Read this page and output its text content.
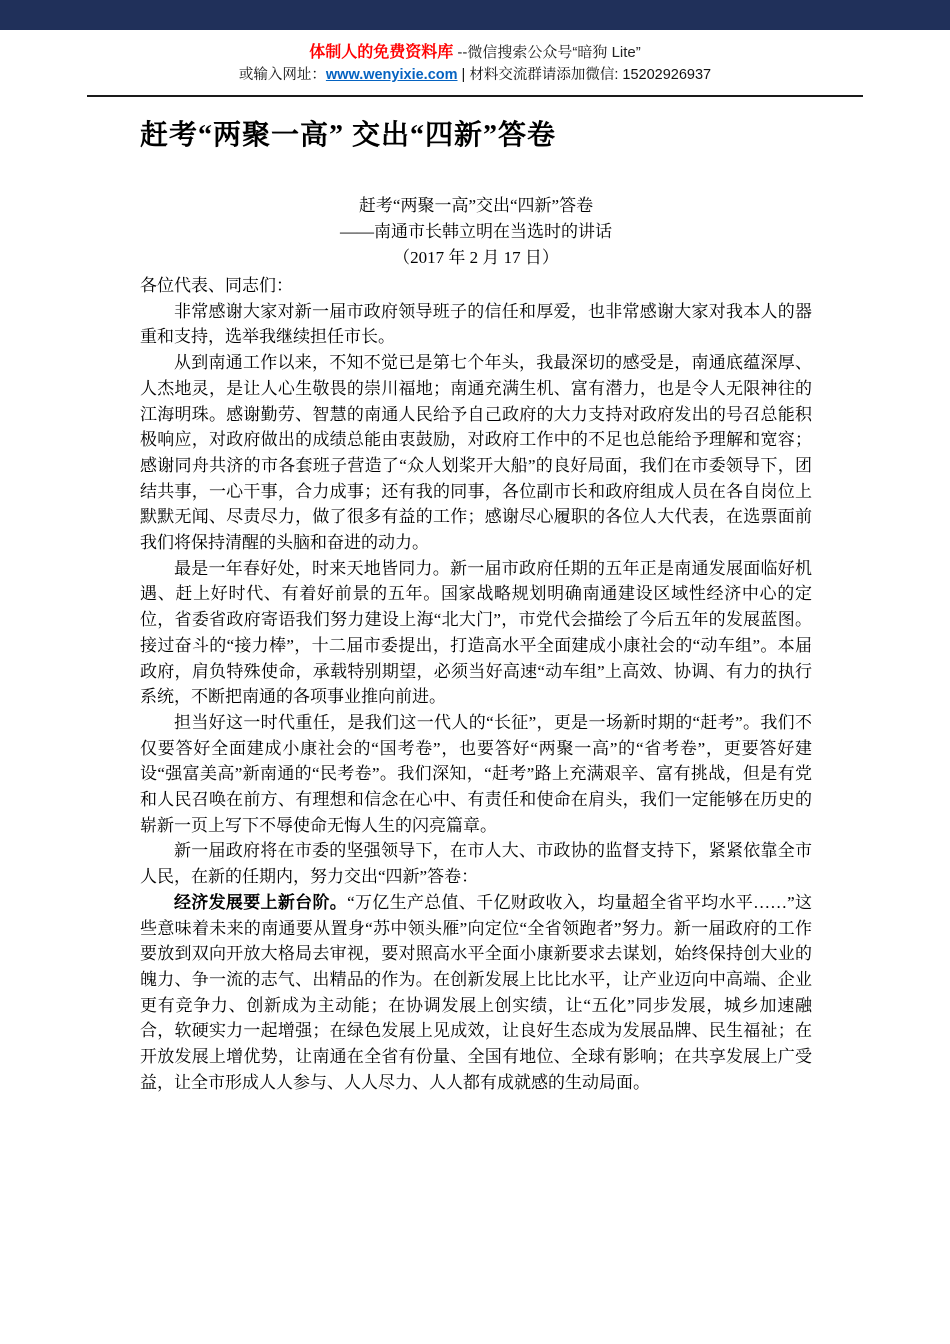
体制人的免费资料库 --微信搜索公众号“暗狗 Lite”
或输入网址：www.wenyixie.com | 材料交流群请添加微信: 15202926937
赶考“两聚一高” 交出“四新”答卷
赶考“两聚一高”交出“四新”答卷
——南通市长韩立明在当选时的讲话
（2017 年 2 月 17 日）

各位代表、同志们：

非常感谢大家对新一届市政府领导班子的信任和厚爱，也非常感谢大家对我本人的器重和支持，选举我继续担任市长。

从到南通工作以来，不知不觉已是第七个年头，我最深切的感受是，南通底蕴深厚、人杰地灵，是让人心生敬畏的崇川福地；南通充满生机、富有潜力，也是令人无限神往的江海明珠。感谢勤劳、智慧的南通人民给予自己政府的大力支持对政府发出的号召总能积极响应，对政府做出的成绩总能由衷鼓励，对政府工作中的不足也总能给予理解和宽容；感谢同舟共济的市各套班子营造了“众人划桨开大船”的良好局面，我们在市委领导下，团结共事，一心干事，合力成事；还有我的同事，各位副市长和政府组成人员在各自岗位上默默无闻、尽责尽力，做了很多有益的工作；感谢尽心履职的各位人大代表，在选票面前我们将保持清醒的头脑和奋进的动力。

最是一年春好处，时来天地皆同力。新一届市政府任期的五年正是南通发展面临好机遇、赶上好时代、有着好前景的五年。国家战略规划明确南通建设区域性经济中心的定位，省委省政府寄语我们努力建设上海“北大门”，市党代会描绘了今后五年的发展蓝图。接过奋斗的“接力棒”，十二届市委提出，打造高水平全面建成小康社会的“动车组”。本届政府，肩负特殊使命，承载特别期望，必须当好高速“动车组”上高效、协调、有力的执行系统，不断把南通的各项事业推向前进。

担当好这一时代重任，是我们这一代人的“长征”，更是一场新时期的“赶考”。我们不仅要答好全面建成小康社会的“国考卷”，也要答好“两聚一高”的“省考卷”，更要答好建设“强富美高”新南通的“民考卷”。我们深知，“赶考”路上充满艰辛、富有挑战，但是有党和人民召唤在前方、有理想和信念在心中、有责任和使命在肩头，我们一定能够在历史的崭新一页上写下不辱使命无悔人生的闪亮篇章。

新一届政府将在市委的坚强领导下，在市人大、市政协的监督支持下，紧紧依靠全市人民，在新的任期内，努力交出“四新”答卷：

经济发展要上新台阶。“万亿生产总值、千亿财政收入，均量超全省平均水平……”这些意味着未来的南通要从置身“苏中领头雁”向定位“全省领跑者”努力。新一届政府的工作要放到双向开放大格局去审视，要对照高水平全面小康新要求去谋划，始终保持创大业的魄力、争一流的志气、出精品的作为。在创新发展上比比水平，让产业迈向中高端、企业更有竞争力、创新成为主动能；在协调发展上创实绩，让“五化”同步发展，城乡加速融合，软硬实力一起增强；在绿色发展上见成效，让良好生态成为发展品牌、民生福祉；在开放发展上增优势，让南通在全省有份量、全国有地位、全球有影响；在共享发展上广受益，让全市形成人人参与、人人尽力、人人都有成就感的生动局面。
